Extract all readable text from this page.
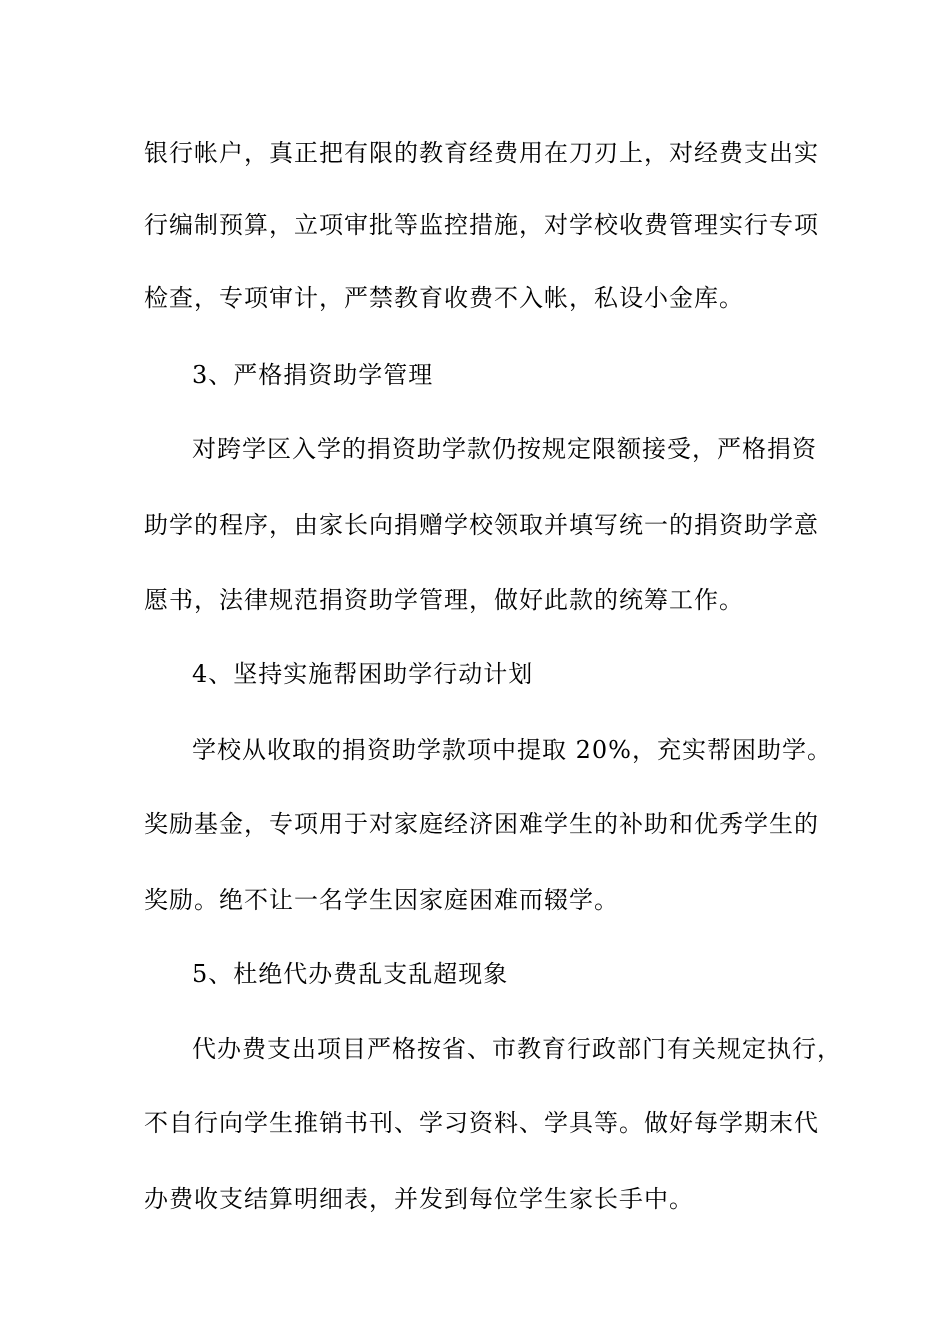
银行帐户，真正把有限的教育经费用在刀刃上，对经费支出实
行编制预算，立项审批等监控措施，对学校收费管理实行专项
检查，专项审计，严禁教育收费不入帐，私设小金库。
3、严格捐资助学管理
对跨学区入学的捐资助学款仍按规定限额接受，严格捐资
助学的程序，由家长向捐赠学校领取并填写统一的捐资助学意
愿书，法律规范捐资助学管理，做好此款的统筹工作。
4、坚持实施帮困助学行动计划
学校从收取的捐资助学款项中提取 20%，充实帮困助学。
奖励基金，专项用于对家庭经济困难学生的补助和优秀学生的
奖励。绝不让一名学生因家庭困难而辍学。
5、杜绝代办费乱支乱超现象
代办费支出项目严格按省、市教育行政部门有关规定执行，
不自行向学生推销书刊、学习资料、学具等。做好每学期末代
办费收支结算明细表，并发到每位学生家长手中。
